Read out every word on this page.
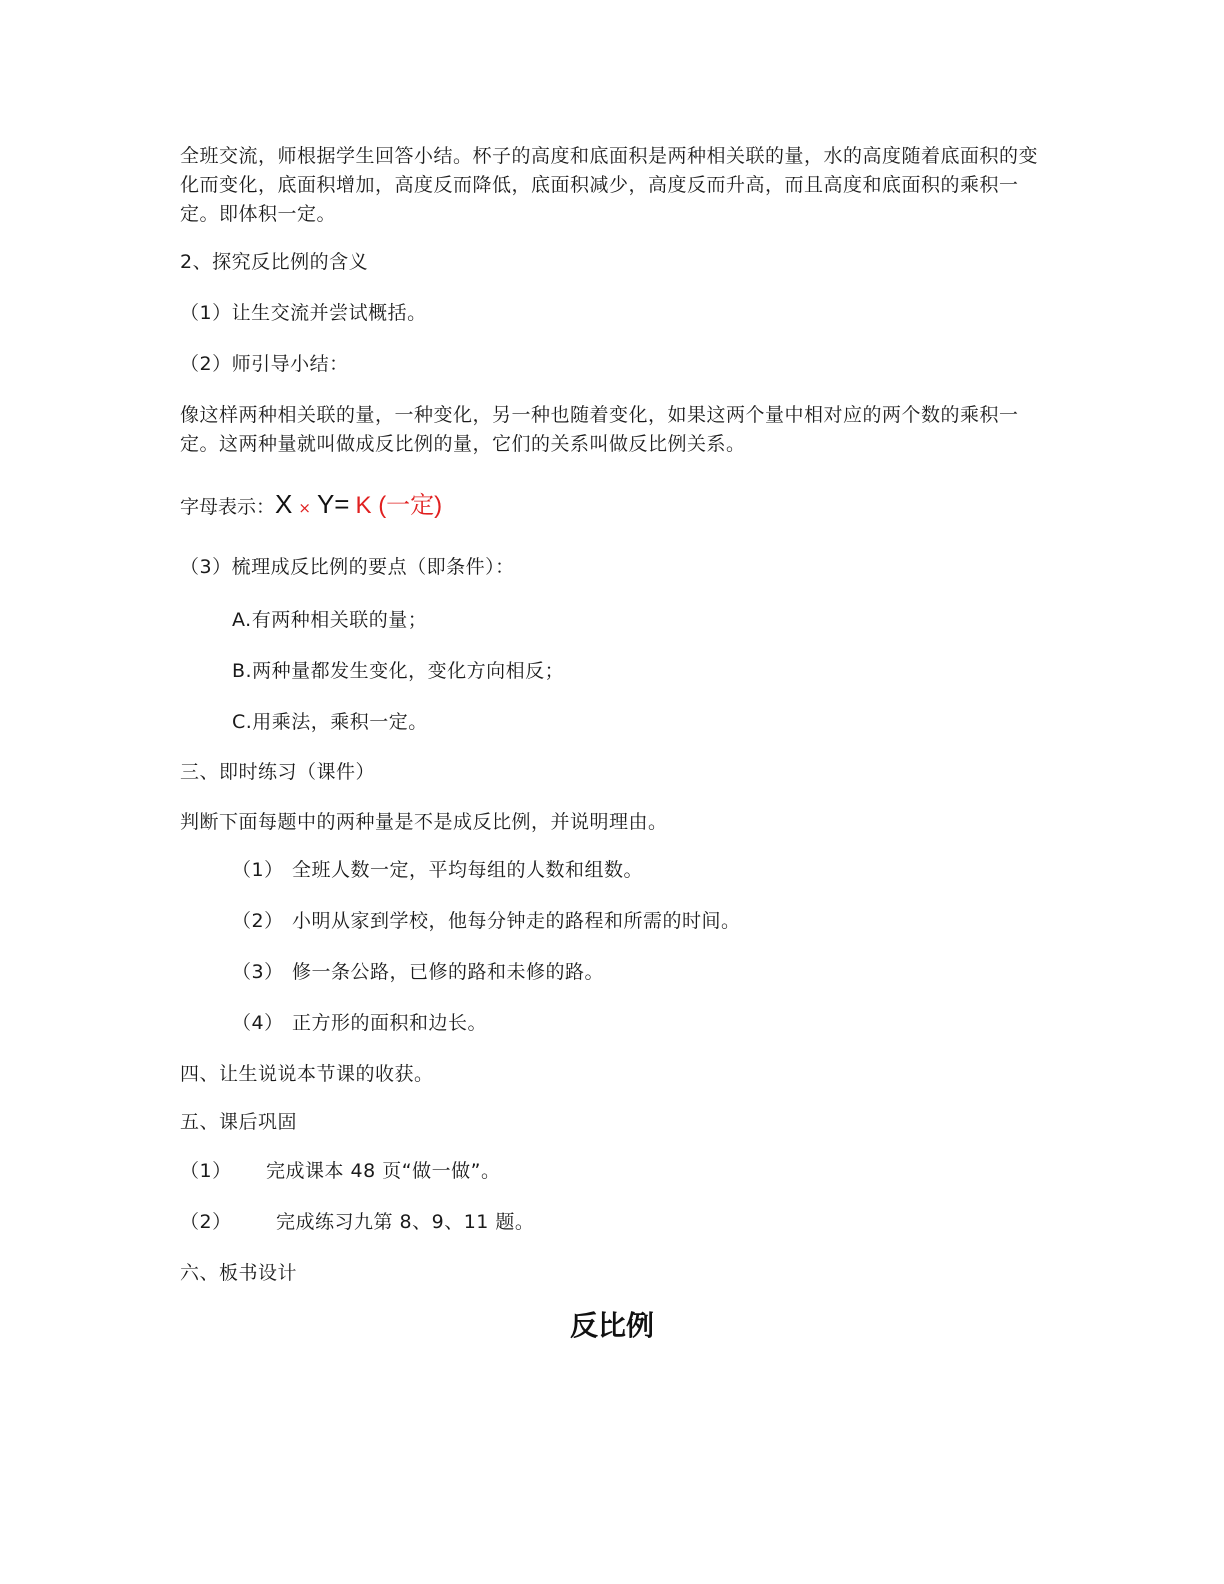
全班交流，师根据学生回答小结。杯子的高度和底面积是两种相关联的量，水的高度随着底面积的变化而变化，底面积增加，高度反而降低，底面积减少，高度反而升高，而且高度和底面积的乘积一定。即体积一定。
2、探究反比例的含义
（1）让生交流并尝试概括。
（2）师引导小结：
像这样两种相关联的量，一种变化，另一种也随着变化，如果这两个量中相对应的两个数的乘积一定。这两种量就叫做成反比例的量，它们的关系叫做反比例关系。
字母表示：X × Y= K (一定)
（3）梳理成反比例的要点（即条件）：
A.有两种相关联的量；
B.两种量都发生变化，变化方向相反；
C.用乘法，乘积一定。
三、即时练习（课件）
判断下面每题中的两种量是不是成反比例，并说明理由。
（1） 全班人数一定，平均每组的人数和组数。
（2） 小明从家到学校，他每分钟走的路程和所需的时间。
（3） 修一条公路，已修的路和未修的路。
（4） 正方形的面积和边长。
四、让生说说本节课的收获。
五、课后巩固
（1） 完成课本 48 页“做一做”。
（2） 完成练习九第 8、9、11 题。
六、板书设计
反比例
